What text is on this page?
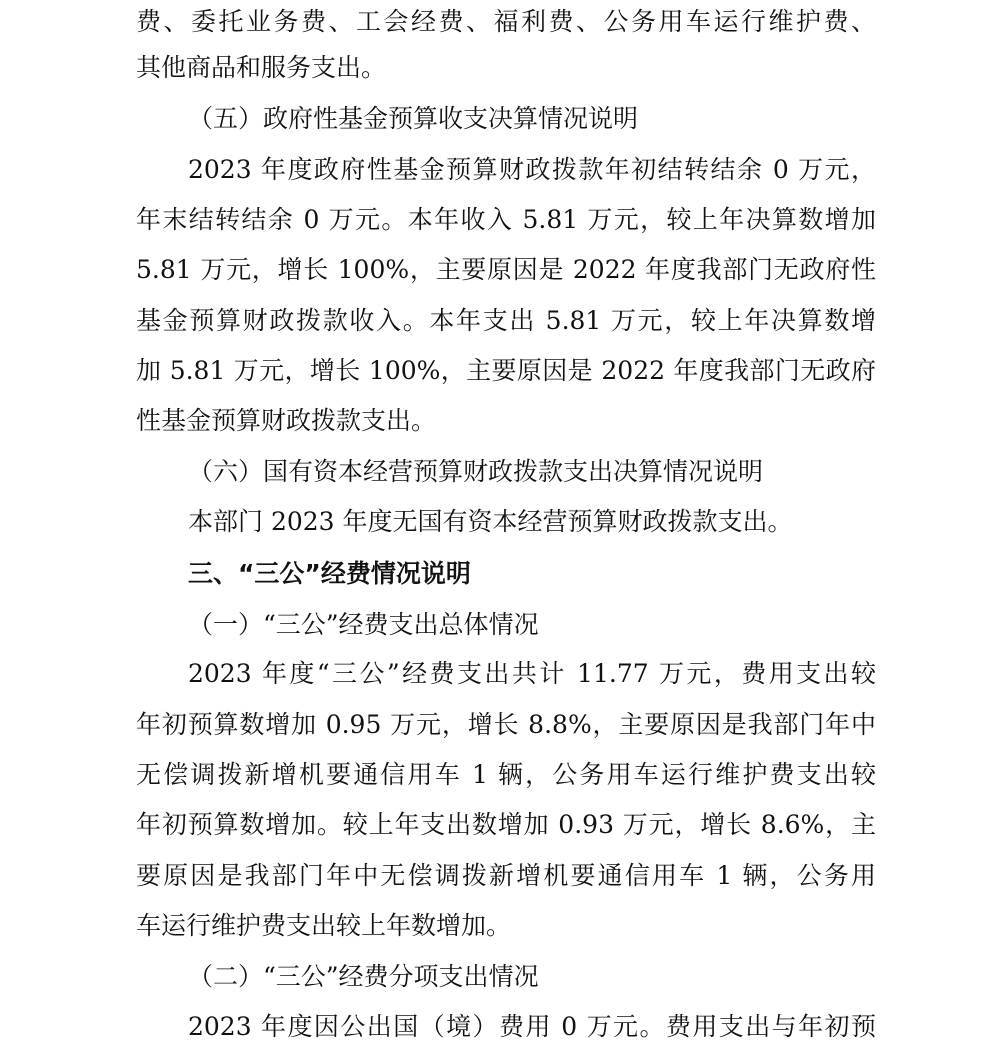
费、委托业务费、工会经费、福利费、公务用车运行维护费、
其他商品和服务支出。
（五）政府性基金预算收支决算情况说明
2023 年度政府性基金预算财政拨款年初结转结余 0 万元，
年末结转结余 0 万元。本年收入 5.81 万元，较上年决算数增加
5.81 万元，增长 100%，主要原因是 2022 年度我部门无政府性
基金预算财政拨款收入。本年支出 5.81 万元，较上年决算数增
加 5.81 万元，增长 100%，主要原因是 2022 年度我部门无政府
性基金预算财政拨款支出。
（六）国有资本经营预算财政拨款支出决算情况说明
本部门 2023 年度无国有资本经营预算财政拨款支出。
三、“三公”经费情况说明
（一）“三公”经费支出总体情况
2023 年度“三公”经费支出共计 11.77 万元，费用支出较
年初预算数增加 0.95 万元，增长 8.8%，主要原因是我部门年中
无偿调拨新增机要通信用车 1 辆，公务用车运行维护费支出较
年初预算数增加。较上年支出数增加 0.93 万元，增长 8.6%，主
要原因是我部门年中无偿调拨新增机要通信用车 1 辆，公务用
车运行维护费支出较上年数增加。
（二）“三公”经费分项支出情况
2023 年度因公出国（境）费用 0 万元。费用支出与年初预
